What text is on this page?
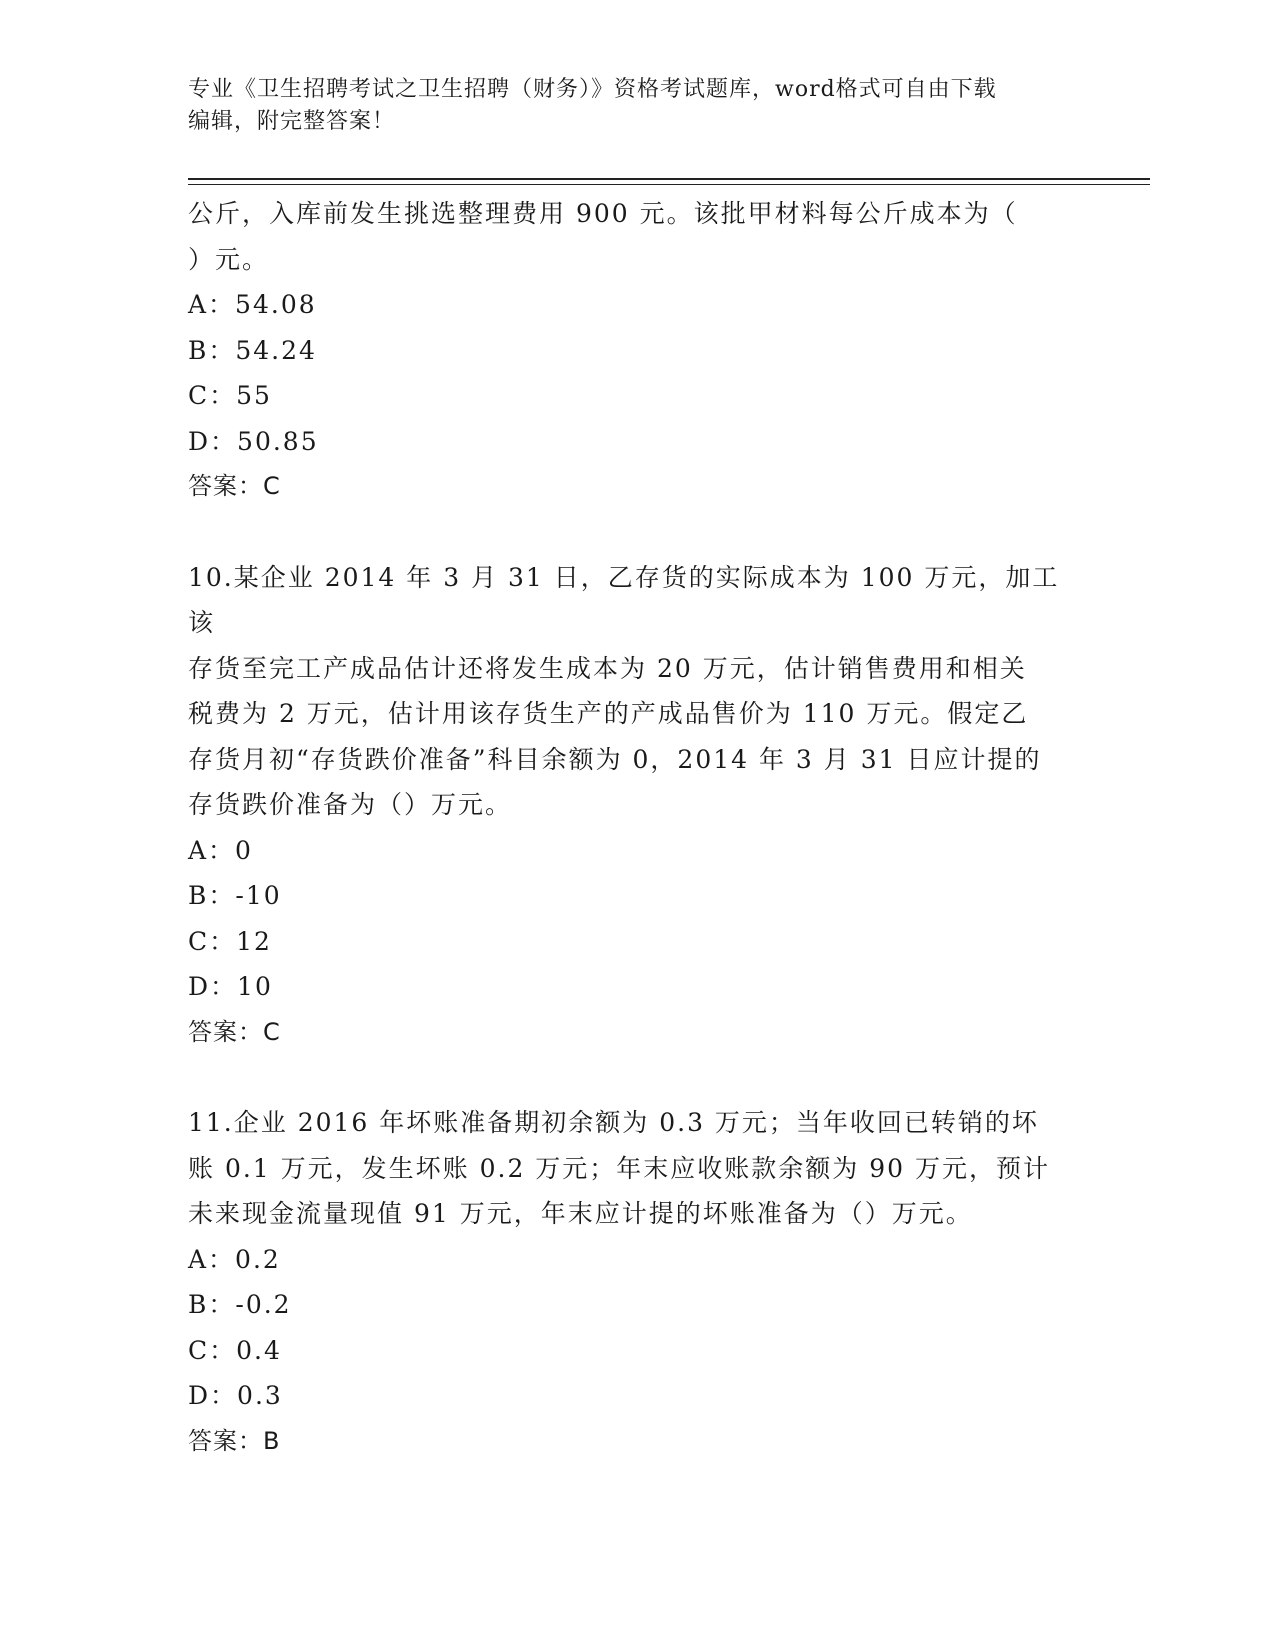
专业《卫生招聘考试之卫生招聘（财务）》资格考试题库，word格式可自由下载
编辑，附完整答案！
公斤，入库前发生挑选整理费用 900 元。该批甲材料每公斤成本为（
）元。
A：54.08
B：54.24
C：55
D：50.85
答案：C
10.某企业 2014 年 3 月 31 日，乙存货的实际成本为 100 万元，加工该
存货至完工产成品估计还将发生成本为 20 万元，估计销售费用和相关
税费为 2 万元，估计用该存货生产的产成品售价为 110 万元。假定乙
存货月初“存货跌价准备”科目余额为 0，2014 年 3 月 31 日应计提的
存货跌价准备为（）万元。
A：0
B：-10
C：12
D：10
答案：C
11.企业 2016 年坏账准备期初余额为 0.3 万元；当年收回已转销的坏
账 0.1 万元，发生坏账 0.2 万元；年末应收账款余额为 90 万元，预计
未来现金流量现值 91 万元，年末应计提的坏账准备为（）万元。
A：0.2
B：-0.2
C：0.4
D：0.3
答案：B
